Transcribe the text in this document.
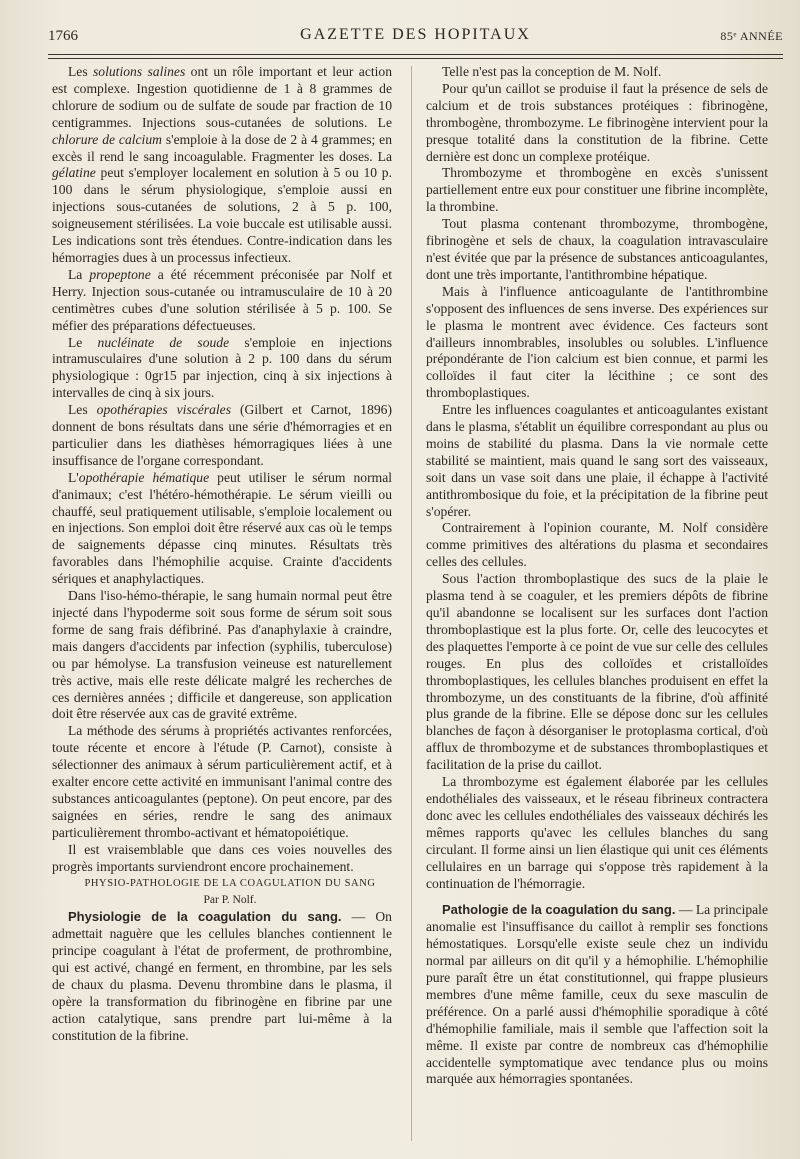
1766	GAZETTE DES HOPITAUX	85ᵉ ANNÉE

Les solutions salines ont un rôle important et leur action est complexe. Ingestion quotidienne de 1 à 8 grammes de chlorure de sodium ou de sulfate de soude par fraction de 10 centigrammes. Injections sous-cutanées de solutions. Le chlorure de calcium s'emploie à la dose de 2 à 4 grammes; en excès il rend le sang incoagulable. Fragmenter les doses. La gélatine peut s'employer localement en solution à 5 ou 10 p. 100 dans le sérum physiologique, s'emploie aussi en injections sous-cutanées de solutions, 2 à 5 p. 100, soigneusement stérilisées. La voie buccale est utilisable aussi. Les indications sont très étendues. Contre-indication dans les hémorragies dues à un processus infectieux.

La propeptone a été récemment préconisée par Nolf et Herry. Injection sous-cutanée ou intramusculaire de 10 à 20 centimètres cubes d'une solution stérilisée à 5 p. 100. Se méfier des préparations défectueuses.

Le nucléinate de soude s'emploie en injections intramusculaires d'une solution à 2 p. 100 dans du sérum physiologique : 0gr15 par injection, cinq à six injections à intervalles de cinq à six jours.

Les opothérapies viscérales (Gilbert et Carnot, 1896) donnent de bons résultats dans une série d'hémorragies et en particulier dans les diathèses hémorragiques liées à une insuffisance de l'organe correspondant.

L'opothérapie hématique peut utiliser le sérum normal d'animaux; c'est l'hétéro-hémothérapie. Le sérum vieilli ou chauffé, seul pratiquement utilisable, s'emploie localement ou en injections. Son emploi doit être réservé aux cas où le temps de saignements dépasse cinq minutes. Résultats très favorables dans l'hémophilie acquise. Crainte d'accidents sériques et anaphylactiques.

Dans l'iso-hémo-thérapie, le sang humain normal peut être injecté dans l'hypoderme soit sous forme de sérum soit sous forme de sang frais défibriné. Pas d'anaphylaxie à craindre, mais dangers d'accidents par infection (syphilis, tuberculose) ou par hémolyse. La transfusion veineuse est naturellement très active, mais elle reste délicate malgré les recherches de ces dernières années ; difficile et dangereuse, son application doit être réservée aux cas de gravité extrême.

La méthode des sérums à propriétés activantes renforcées, toute récente et encore à l'étude (P. Carnot), consiste à sélectionner des animaux à sérum particulièrement actif, et à exalter encore cette activité en immunisant l'animal contre des substances anticoagulantes (peptone). On peut encore, par des saignées en séries, rendre le sang des animaux particulièrement thrombo-activant et hématopoiétique.

Il est vraisemblable que dans ces voies nouvelles des progrès importants surviendront encore prochainement.

PHYSIO-PATHOLOGIE DE LA COAGULATION DU SANG

Par P. Nolf.

Physiologie de la coagulation du sang. — On admettait naguère que les cellules blanches contiennent le principe coagulant à l'état de proferment, de prothrombine, qui est activé, changé en ferment, en thrombine, par les sels de chaux du plasma. Devenu thrombine dans le plasma, il opère la transformation du fibrinogène en fibrine par une action catalytique, sans prendre part lui-même à la constitution de la fibrine.

Telle n'est pas la conception de M. Nolf.

Pour qu'un caillot se produise il faut la présence de sels de calcium et de trois substances protéiques : fibrinogène, thrombogène, thrombozyme. Le fibrinogène intervient pour la presque totalité dans la constitution de la fibrine. Cette dernière est donc un complexe protéique.

Thrombozyme et thrombogène en excès s'unissent partiellement entre eux pour constituer une fibrine incomplète, la thrombine.

Tout plasma contenant thrombozyme, thrombogène, fibrinogène et sels de chaux, la coagulation intravasculaire n'est évitée que par la présence de substances anticoagulantes, dont une très importante, l'antithrombine hépatique.

Mais à l'influence anticoagulante de l'antithrombine s'opposent des influences de sens inverse. Des expériences sur le plasma le montrent avec évidence. Ces facteurs sont d'ailleurs innombrables, insolubles ou solubles. L'influence prépondérante de l'ion calcium est bien connue, et parmi les colloïdes il faut citer la lécithine ; ce sont des thromboplastiques.

Entre les influences coagulantes et anticoagulantes existant dans le plasma, s'établit un équilibre correspondant au plus ou moins de stabilité du plasma. Dans la vie normale cette stabilité se maintient, mais quand le sang sort des vaisseaux, soit dans un vase soit dans une plaie, il échappe à l'activité antithrombosique du foie, et la précipitation de la fibrine peut s'opérer.

Contrairement à l'opinion courante, M. Nolf considère comme primitives des altérations du plasma et secondaires celles des cellules.

Sous l'action thromboplastique des sucs de la plaie le plasma tend à se coaguler, et les premiers dépôts de fibrine qu'il abandonne se localisent sur les surfaces dont l'action thromboplastique est la plus forte. Or, celle des leucocytes et des plaquettes l'emporte à ce point de vue sur celle des cellules rouges. En plus des colloïdes et cristalloïdes thromboplastiques, les cellules blanches produisent en effet la thrombozyme, un des constituants de la fibrine, d'où affinité plus grande de la fibrine. Elle se dépose donc sur les cellules blanches de façon à désorganiser le protoplasma cortical, d'où afflux de thrombozyme et de substances thromboplastiques et facilitation de la prise du caillot.

La thrombozyme est également élaborée par les cellules endothéliales des vaisseaux, et le réseau fibrineux contractera donc avec les cellules endothéliales des vaisseaux déchirés les mêmes rapports qu'avec les cellules blanches du sang circulant. Il forme ainsi un lien élastique qui unit ces éléments cellulaires en un barrage qui s'oppose très rapidement à la continuation de l'hémorragie.

Pathologie de la coagulation du sang. — La principale anomalie est l'insuffisance du caillot à remplir ses fonctions hémostatiques. Lorsqu'elle existe seule chez un individu normal par ailleurs on dit qu'il y a hémophilie. L'hémophilie pure paraît être un état constitutionnel, qui frappe plusieurs membres d'une même famille, ceux du sexe masculin de préférence. On a parlé aussi d'hémophilie sporadique à côté d'hémophilie familiale, mais il semble que l'affection soit la même. Il existe par contre de nombreux cas d'hémophilie accidentelle symptomatique avec tendance plus ou moins marquée aux hémorragies spontanées.
